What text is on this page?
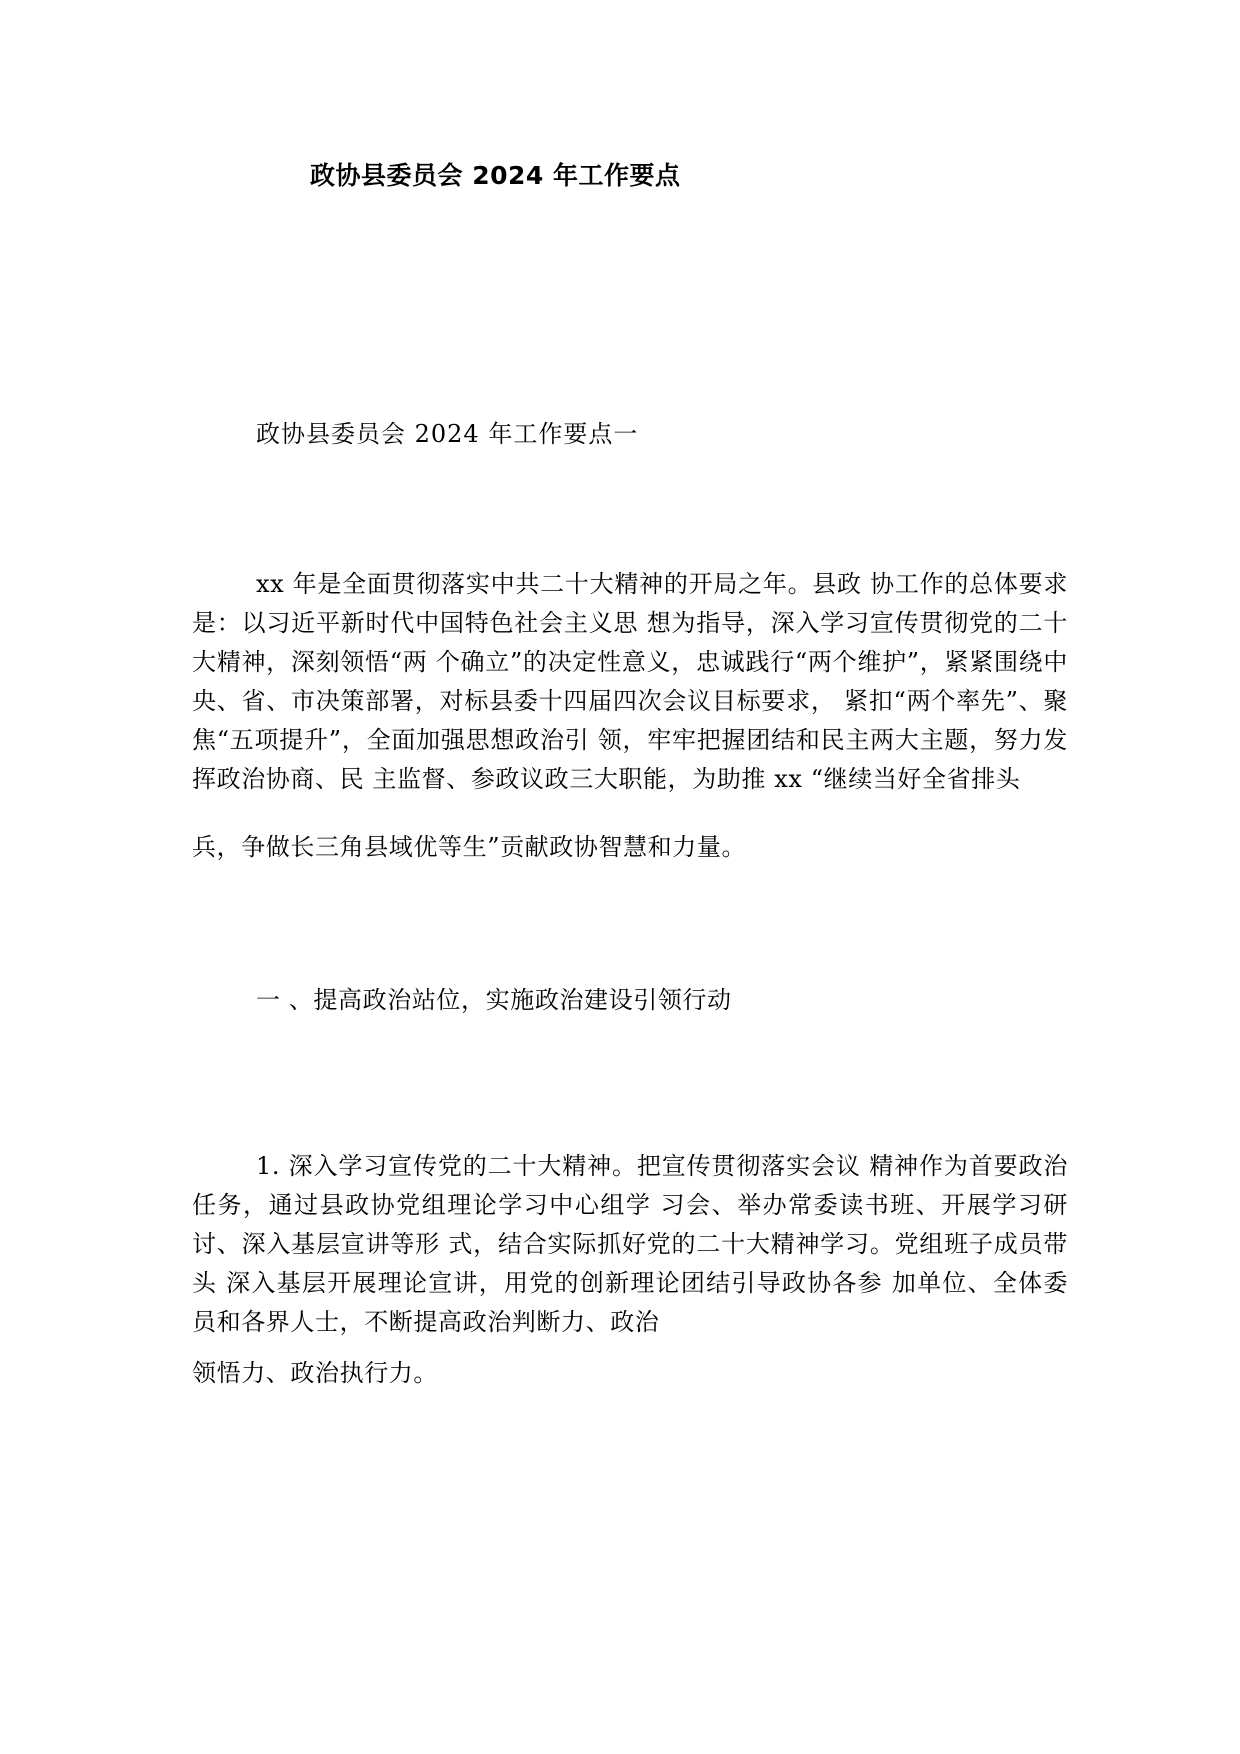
政协县委员会 2024 年工作要点
政协县委员会 2024 年工作要点一

xx 年是全面贯彻落实中共二十大精神的开局之年。县政 协工作的总体要求是：以习近平新时代中国特色社会主义思 想为指导，深入学习宣传贯彻党的二十大精神，深刻领悟“两 个确立”的决定性意义，忠诚践行“两个维护”，紧紧围绕中央、省、市决策部署，对标县委十四届四次会议目标要求， 紧扣“两个率先”、聚焦“五项提升”，全面加强思想政治引 领，牢牢把握团结和民主两大主题，努力发挥政治协商、民 主监督、参政议政三大职能，为助推 xx “继续当好全省排头

兵，争做长三角县域优等生”贡献政协智慧和力量。
一 、提高政治站位，实施政治建设引领行动

1. 深入学习宣传党的二十大精神。把宣传贯彻落实会议 精神作为首要政治任务，通过县政协党组理论学习中心组学 习会、举办常委读书班、开展学习研讨、深入基层宣讲等形 式，结合实际抓好党的二十大精神学习。党组班子成员带头 深入基层开展理论宣讲，用党的创新理论团结引导政协各参 加单位、全体委员和各界人士，不断提高政治判断力、政治

领悟力、政治执行力。
